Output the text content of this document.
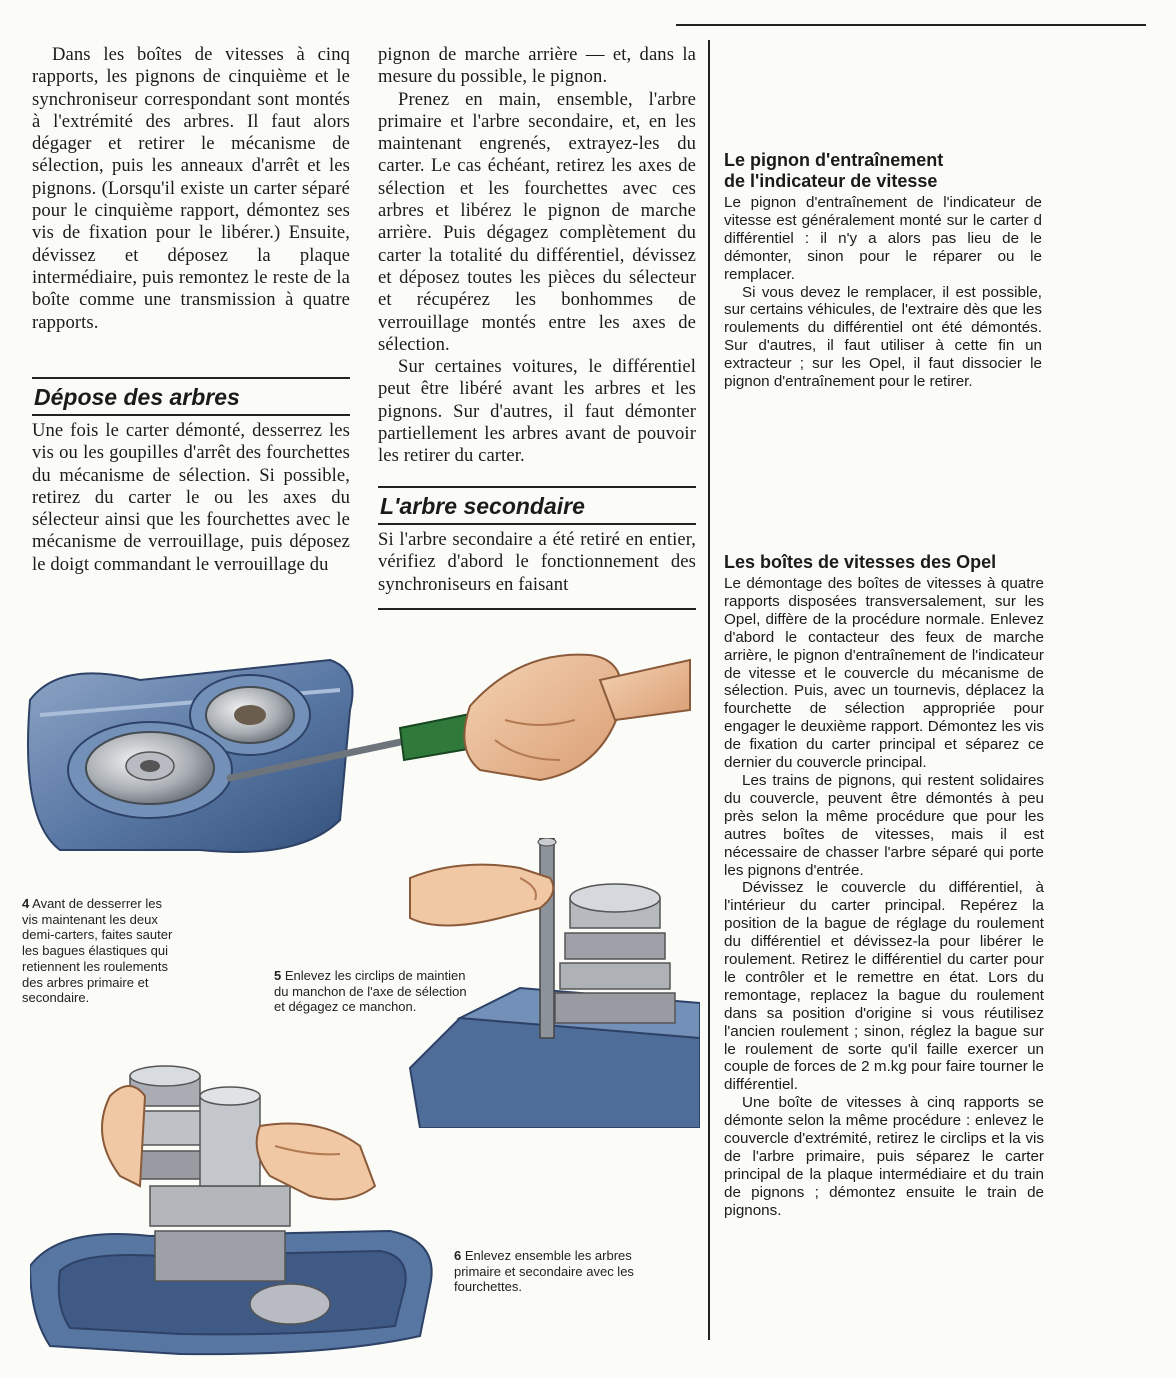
Dans les boîtes de vitesses à cinq rapports, les pignons de cinquième et le synchroniseur correspondant sont montés à l'extrémité des arbres. Il faut alors dégager et retirer le mécanisme de sélection, puis les anneaux d'arrêt et les pignons. (Lorsqu'il existe un carter séparé pour le cinquième rapport, démontez ses vis de fixation pour le libérer.) Ensuite, dévissez et déposez la plaque intermédiaire, puis remontez le reste de la boîte comme une transmission à quatre rapports.

Dépose des arbres

Une fois le carter démonté, desserrez les vis ou les goupilles d'arrêt des fourchettes du mécanisme de sélection. Si possible, retirez du carter le ou les axes du sélecteur ainsi que les fourchettes avec le mécanisme de verrouillage, puis déposez le doigt commandant le verrouillage du

pignon de marche arrière — et, dans la mesure du possible, le pignon.

Prenez en main, ensemble, l'arbre primaire et l'arbre secondaire, et, en les maintenant engrenés, extrayez-les du carter. Le cas échéant, retirez les axes de sélection et les fourchettes avec ces arbres et libérez le pignon de marche arrière. Puis dégagez complètement du carter la totalité du différentiel, dévissez et déposez toutes les pièces du sélecteur et récupérez les bonhommes de verrouillage montés entre les axes de sélection.

Sur certaines voitures, le différentiel peut être libéré avant les arbres et les pignons. Sur d'autres, il faut démonter partiellement les arbres avant de pouvoir les retirer du carter.

L'arbre secondaire

Si l'arbre secondaire a été retiré en entier, vérifiez d'abord le fonctionnement des synchroniseurs en faisant

Le pignon d'entraînement
de l'indicateur de vitesse

Le pignon d'entraînement de l'indicateur de vitesse est généralement monté sur le carter d différentiel : il n'y a alors pas lieu de le démonter, sinon pour le réparer ou le remplacer.

Si vous devez le remplacer, il est possible, sur certains véhicules, de l'extraire dès que les roulements du différentiel ont été démontés. Sur d'autres, il faut utiliser à cette fin un extracteur ; sur les Opel, il faut dissocier le pignon d'entraînement pour le retirer.

Les boîtes de vitesses des Opel

Le démontage des boîtes de vitesses à quatre rapports disposées transversalement, sur les Opel, diffère de la procédure normale. Enlevez d'abord le contacteur des feux de marche arrière, le pignon d'entraînement de l'indicateur de vitesse et le couvercle du mécanisme de sélection. Puis, avec un tournevis, déplacez la fourchette de sélection appropriée pour engager le deuxième rapport. Démontez les vis de fixation du carter principal et séparez ce dernier du couvercle principal.

Les trains de pignons, qui restent solidaires du couvercle, peuvent être démontés à peu près selon la même procédure que pour les autres boîtes de vitesses, mais il est nécessaire de chasser l'arbre séparé qui porte les pignons d'entrée.

Dévissez le couvercle du différentiel, à l'intérieur du carter principal. Repérez la position de la bague de réglage du roulement du différentiel et dévissez-la pour libérer le roulement. Retirez le différentiel du carter pour le contrôler et le remettre en état. Lors du remontage, replacez la bague du roulement dans sa position d'origine si vous réutilisez l'ancien roulement ; sinon, réglez la bague sur le roulement de sorte qu'il faille exercer un couple de forces de 2 m.kg pour faire tourner le différentiel.

Une boîte de vitesses à cinq rapports se démonte selon la même procédure : enlevez le couvercle d'extrémité, retirez le circlips et la vis de l'arbre primaire, puis séparez le carter principal de la plaque intermédiaire et du train de pignons ; démontez ensuite le train de pignons.

4 Avant de desserrer les vis maintenant les deux demi-carters, faites sauter les bagues élastiques qui retiennent les roulements des arbres primaire et secondaire.
5 Enlevez les circlips de maintien du manchon de l'axe de sélection et dégagez ce manchon.
6 Enlevez ensemble les arbres primaire et secondaire avec les fourchettes.
